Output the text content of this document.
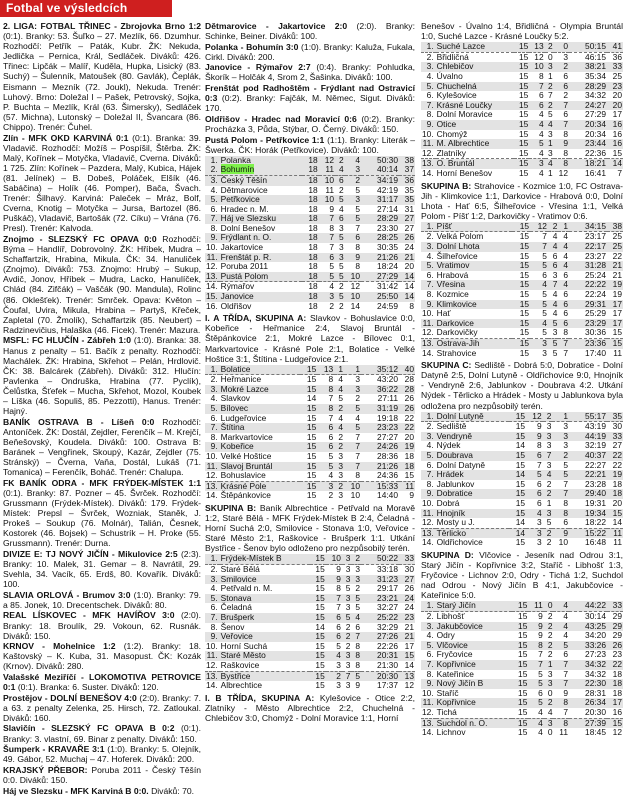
Fotbal ve výsledcích
2. LIGA: FOTBAL TŘINEC - Zbrojovka Brno 1:2 (0:1). Branky: 53. Šuľko – 27. Mezlík, 66. Dzumhur. Rozhodčí: Petřík – Paták, Kubr. ŽK: Nekuda, Jedlička – Pernica, Král, Sedláček. Diváků: 426. Třinec: Lipčák – Malíř, Kuděla, Hupka, Lisický (83. Suchý) – Šulenník, Matoušek (80. Gavlák), Čeplák, Eismann – Mezník (72. Joukl), Nekuda. Trenér: Luhový. Brno: Doležal I – Pašek, Petrovský, Sojka, P. Buchta – Mezlík, Král (63. Šimersky), Sedláček (57. Michna), Lutonský – Doležal II, Švancara (86. Chippo). Trenér: Čuhel.
Zlín - MFK OKD KARVINÁ 0:1 (0:1). Branka: 39. Vladavič. Rozhodčí: Možíš – Pospíšil, Štěrba. ŽK: Malý, Kořínek – Motyčka, Vladavič, Cverna. Diváků: 1 725. Zlín: Kořínek – Pazdera, Malý, Kubica, Hájek (81. Jelínek) – B. Dobeš, Poláček, Elšík (46. Sabáčina) – Holík (46. Pomper), Bača, Švach. Trenér: Šilhavý. Karviná: Paleček – Mráz, Bolf, Cverna, Knotig – Motyčka – Jursa, Bartozel (86. Puškáč), Vladavič, Bartošák (72. Cíku) – Vrána (76. Presl). Trenér: Kalvoda.
Znojmo - SLEZSKÝ FC OPAVA 0:0 Rozhodčí: Býma – Handlíř, Dobrovolný. ŽK: Hříbek, Mudra – Schaffartzik, Hrabina, Mikula. ČK: 34. Hanuliček (Znojmo). Diváků: 753. Znojmo: Hrubý – Sukup, Avdič, Jonov, Hříbek – Mudra, Lacko, Hanulíček, Chlád (84. Zifčák) – Vaščák (90. Mandula), Rolinc (86. Oklešťek). Trenér: Smrček. Opava: Květon – Čoufal, Uvira, Mikula, Hrabina – Partyš, Křeček, Zapletal (70. Žmolík), Schaffartzik (85. Neubert) – Radzinevičius, Halaška (46. Ficek). Trenér: Mazura.
MSFL: FC HLUČÍN - Zábřeh 1:0 (1:0). Branka: 38. Hanus z penalty – 51. Bačík z penalty. Rozhodčí: Machálek. ŽK: Hrabina, Skřehot – Pelán, Hrdlovič. ČK: 38. Balcárek (Zábřeh). Diváků: 312. Hlučín: Pavlenka – Ondruška, Hrabina (77. Pyclík), Čelůstka, Šťefek – Mucha, Skřehot, Mozol, Koubek – Líška (46. Sopuliš, 85. Pezzotti), Hanus. Trenér: Hajný.
BANÍK OSTRAVA B - Líšeň 0:0 Rozhodčí: Antoníček. ŽK: Dostál, Zejdler, Ferenčík – M. Krejčí, Beňešovský, Koudela. Diváků: 100. Ostrava B: Baránek – Vengřinek, Skoupý, Kazár, Zejdler (75. Stránský) – Čverna, Vaňa, Dostál, Lukáš (71. Tomanica) – Ferenčík, Boháč. Trenér: Chalupa.
FK BANÍK ODRA - MFK FRÝDEK-MÍSTEK 1:1 (0:1). Branky: 87. Pozner – 45. Švrček. Rozhodčí: Grussmann (Frýdek-Místek). Diváků: 179. Frýdek-Místek: Prepsl – Švrček, Wozniak, Staněk, J. Prokeš – Soukup (76. Molnár), Talián, Česnek, Kostorek (46. Bojsek) – Schustrík – H. Proke (55. Grussmann). Trenér: Durna.
DIVIZE E: TJ NOVÝ JIČÍN - Mikulovice 2:5 (2:3). Branky: 10. Malek, 31. Gemar – 8. Navrátil, 29. Svehla, 34. Vacík, 65. Erdš, 80. Kovařík. Diváků: 100.
SLAVIA ORLOVÁ - Brumov 3:0 (1:0). Branky: 79. a 85. Jonek, 10. Drecentschek. Diváků: 80.
REAL LÍSKOVEC - MFK HAVÍŘOV 3:0 (2:0). Branky: 18. Broulík, 29. Vokoun, 62. Rusnák. Diváků: 150.
KRNOV - Mohelnice 1:2 (1:2). Branky: 18. Kaštovský – K. Kuba, 31. Masopust. ČK: Kozák (Krnov). Diváků: 280.
Valašské Meziříčí - LOKOMOTIVA PETROVICE 0:1 (0:1). Branka: 6. Suster. Diváků: 120.
Prostějov - DOLNÍ BENEŠOV 4:0 (2:0). Branky: 7. a 63. z penalty Zelenka, 25. Hirsch, 72. Zatloukal. Diváků: 160.
Slavičín - SLEZSKÝ FC OPAVA B 0:2 (0:1). Branky: 3. vlastní, 69. Binar z penalty. Diváků: 150.
Šumperk - KRAVAŘE 3:1 (1:0). Branky: 5. Olejník, 49. Gábor, 52. Muchaj – 47. Hoferek. Diváků: 200.
KRAJSKÝ PŘEBOR: Poruba 2011 - Český Těšín 0:0. Diváků: 150.
Háj ve Slezsku - MFK Karviná B 0:0. Diváků: 70.
Dětmarovice - Jakartovice 2:0 (2:0). Branky: Schinke, Beiner. Diváků: 100.
Polanka - Bohumín 3:0 (1:0). Branky: Kaluža, Fukala, Cirkl. Diváků: 200.
Janovice - Rýmařov 2:7 (0:4). Branky: Pohludka, Škorík – Holčák 4, Srom 2, Šašinka. Diváků: 100.
Frenštát pod Radhoštěm - Frýdlant nad Ostravicí 0:3 (0:2). Branky: Fajčák, M. Němec, Sigut. Diváků: 170.
Oldřišov - Hradec nad Moravicí 0:6 (0:2). Branky: Procházka 3, Půda, Stýbar, O. Černý. Diváků: 150.
Pustá Polom - Petřkovice 1:1 (1:1). Branky: Literák – Šwerka. ČK: Horák (Petřkovice). Diváků: 100.
1.	Polanka	18	12	2	4	50:30	38
2.	Bohumín	18	11	4	3	40:14	37
3.	Český Těšín	18	10	6	2	34:19	36
4.	Dětmarovice	18	11	2	5	42:19	35
5.	Petřkovice	18	10	5	3	31:17	35
6.	Hradec n. M.	18	9	4	5	27:14	31
7.	Háj ve Slezsku	18	7	6	5	28:29	27
8.	Dolní Benešov	18	8	3	7	23:30	27
9.	Frýdlant n. O.	18	7	5	6	28:25	26
10.	Jakartovice	18	7	3	8	30:35	24
11.	Frenštát p. R.	18	6	3	9	21:26	21
12.	Poruba 2011	18	5	5	8	18:24	20
13.	Pustá Polom	18	5	5	10	27:29	14
14.	Rýmařov	18	4	2	12	31:42	14
15.	Janovice	18	3	5	10	25:50	14
16.	Oldřišov	18	2	2	14	24:59	8
I. A TŘÍDA, SKUPINA A: Slavkov - Bohuslavice 0:0, Kobeřice - Heřmanice 2:4, Slavoj Bruntál - Štěpánkovice 2:1, Mokré Lazce - Bílovec 0:1, Markvartovice - Krásné Pole 2:1, Bolatice - Velké Hoštice 3:1, Štítina - Ludgeřovice 2:1.
1.	Bolatice	15	13	1	1	35:12	40
2.	Heřmanice	15	8	4	3	43:20	28
3.	Mokré Lazce	15	8	4	3	36:22	28
4.	Slavkov	14	7	5	2	27:11	26
5.	Bílovec	15	8	2	5	31:19	26
6.	Ludgeřovice	15	7	4	4	19:18	22
7.	Štítina	15	6	4	5	23:23	22
8.	Markvartovice	15	6	2	7	27:27	20
9.	Kobeřice	15	6	2	7	24:26	19
10.	Velké Hoštice	15	5	3	7	28:36	18
11.	Slavoj Bruntál	15	5	3	7	21:26	18
12.	Bohuslavice	15	4	3	8	24:36	15
13.	Krásné Pole	15	3	2	10	15:33	11
14.	Štěpánkovice	15	2	3	10	14:40	9
SKUPINA B: Baník Albrechtice - Petřvald na Moravě 1:2, Staré Bělá - MFK Frýdek-Místek B 2:4, Čeladná - Horní Suchá 2:0, Smilovice - Stonava 1:0, Veřovice - Staré Město 2:1, Raškovice - Brušperk 1:1. Utkání Bystřice - Šenov bylo odloženo pro nezpůsobilý terén.
1.	Frýdek-Místek B	15	10	3	2	50:22	33
2.	Staré Bělá	15	9	3	3	33:18	30
3.	Smilovice	15	9	3	3	31:23	27
4.	Petřvald n. M.	15	8	5	2	29:17	26
5.	Stonava	15	7	3	5	23:21	24
6.	Čeladná	15	7	3	5	32:27	24
7.	Brušperk	15	6	5	4	25:22	23
8.	Šenov	14	6	2	6	32:29	21
9.	Veřovice	15	6	2	7	27:26	21
10.	Horní Suchá	15	5	2	8	22:26	17
11.	Staré Město	15	4	3	8	20:31	15
12.	Raškovice	15	3	3	8	21:30	14
13.	Bystřice	15	2	7	5	20:30	13
14.	Albrechtice	15	3	3	9	17:37	12
I. B TŘÍDA, SKUPINA A: Kylešovice - Otice 2:2, Zlatníky - Město Albrechtice 2:2, Chuchelná - Chlebičov 3:0, Chomýž - Dolní Moravice 1:1, Horní
Benešov - Úvalno 1:4, Břidličná - Olympia Bruntál 1:0, Suché Lazce - Krásné Loučky 5:2.
1.	Suché Lazce	15	13	2	0	50:15	41
2.	Břidličná	15	12	0	3	46:15	36
3.	Chlebičov	15	10	3	2	38:21	33
4.	Úvalno	15	8	1	6	35:34	25
5.	Chuchelná	15	7	2	6	28:29	23
6.	Kylešovice	15	6	7	2	34:32	20
7.	Krásné Loučky	15	6	2	7	24:27	20
8.	Dolní Moravice	15	4	5	6	27:29	17
9.	Otice	15	4	4	7	20:34	16
10.	Chomýž	15	4	3	8	20:34	16
11.	M. Albrechtice	15	5	1	9	23:44	16
12.	Zlatníky	15	4	3	8	22:36	15
13.	O. Bruntál	15	3	4	8	18:21	14
14.	Horní Benešov	15	4	1	12	16:41	7
SKUPINA B: Strahovice - Kozmice 1:0, FC Ostrava-Jih - Klimkovice 1:1, Darkovice - Hrabová 0:0, Dolní Lhota - Hať 6:5, Šilheřovice - Vřesina 1:1, Velká Polom - Píšť 1:2, Darkovičky - Vratimov 0:6.
1.	Píšť	15	12	2	1	34:15	38
2.	Velká Polom	15	7	4	4	23:17	25
3.	Dolní Lhota	15	7	4	4	22:17	25
4.	Šilheřovice	15	5	6	4	23:27	22
5.	Vratimov	15	5	6	4	31:28	21
6.	Hrabová	15	6	3	6	25:24	21
7.	Vřesina	15	4	7	4	22:22	19
8.	Kozmice	15	5	4	6	22:24	19
9.	Klimkovice	15	5	4	6	29:31	17
10.	Hať	15	5	4	6	25:29	17
11.	Darkovice	15	4	5	6	23:29	17
12.	Darkovičky	15	5	3	8	30:36	15
13.	Ostrava-Jih	15	3	5	7	23:36	15
14.	Strahovice	15	3	5	7	17:40	11
SKUPINA C: Sedliště - Dobrá 5:0, Dobratice - Dolní Datyně 2:5, Dolní Lutyně - Oldřichovice 9:0, Hnojník - Vendryně 2:6, Jablunkov - Doubrava 4:2. Utkání Nýdek - Těrlicko a Hrádek - Mosty u Jablunkova byla odložena pro nezpůsobilý terén.
1.	Dolní Lutyně	15	12	2	1	55:17	35
2.	Sedliště	15	9	3	3	43:19	30
3.	Vendryně	15	9	3	3	44:19	33
4.	Nýdek	14	8	3	3	32:19	27
5.	Doubrava	15	6	7	2	40:37	22
6.	Dolní Datyně	15	7	3	5	22:27	22
7.	Hrádek	14	5	4	5	22:21	19
8.	Jablunkov	15	6	2	7	23:28	18
9.	Dobratice	15	6	2	7	29:40	18
10.	Dobrá	15	6	1	8	19:31	20
11.	Hnojník	15	4	3	8	19:34	15
12.	Mosty u J.	14	3	5	6	18:22	14
13.	Těrlicko	14	3	2	9	15:22	11
14.	Oldřichovice	15	3	2	10	16:48	11
SKUPINA D: Vlčovice - Jeseník nad Odrou 3:1, Starý Jičín - Kopřivnice 3:2, Staříč - Libhošť 1:3, Fryčovice - Lichnov 2:0, Odry - Tichá 1:2, Suchdol nad Odrou - Nový Jičín B 4:1, Jakubčovice - Kateřinice 5:0.
1.	Starý Jičín	15	11	0	4	44:22	33
2.	Libhošť	15	9	2	4	30:14	29
3.	Jakubčovice	15	9	2	4	43:25	29
4.	Odry	15	9	2	4	34:20	29
5.	Vlčovice	15	8	2	5	33:26	26
6.	Fryčovice	15	7	2	6	27:23	23
7.	Kopřivnice	15	7	1	7	34:32	22
8.	Kateřinice	15	5	3	7	34:32	18
9.	Nový Jičín B	15	5	3	7	22:30	18
10.	Staříč	15	6	0	9	28:31	18
11.	Kopřivnice	15	5	2	8	26:34	17
12.	Tichá	15	4	4	7	20:30	16
13.	Suchdol n. O.	15	4	3	8	27:39	15
14.	Lichnov	15	4	0	11	18:45	12
